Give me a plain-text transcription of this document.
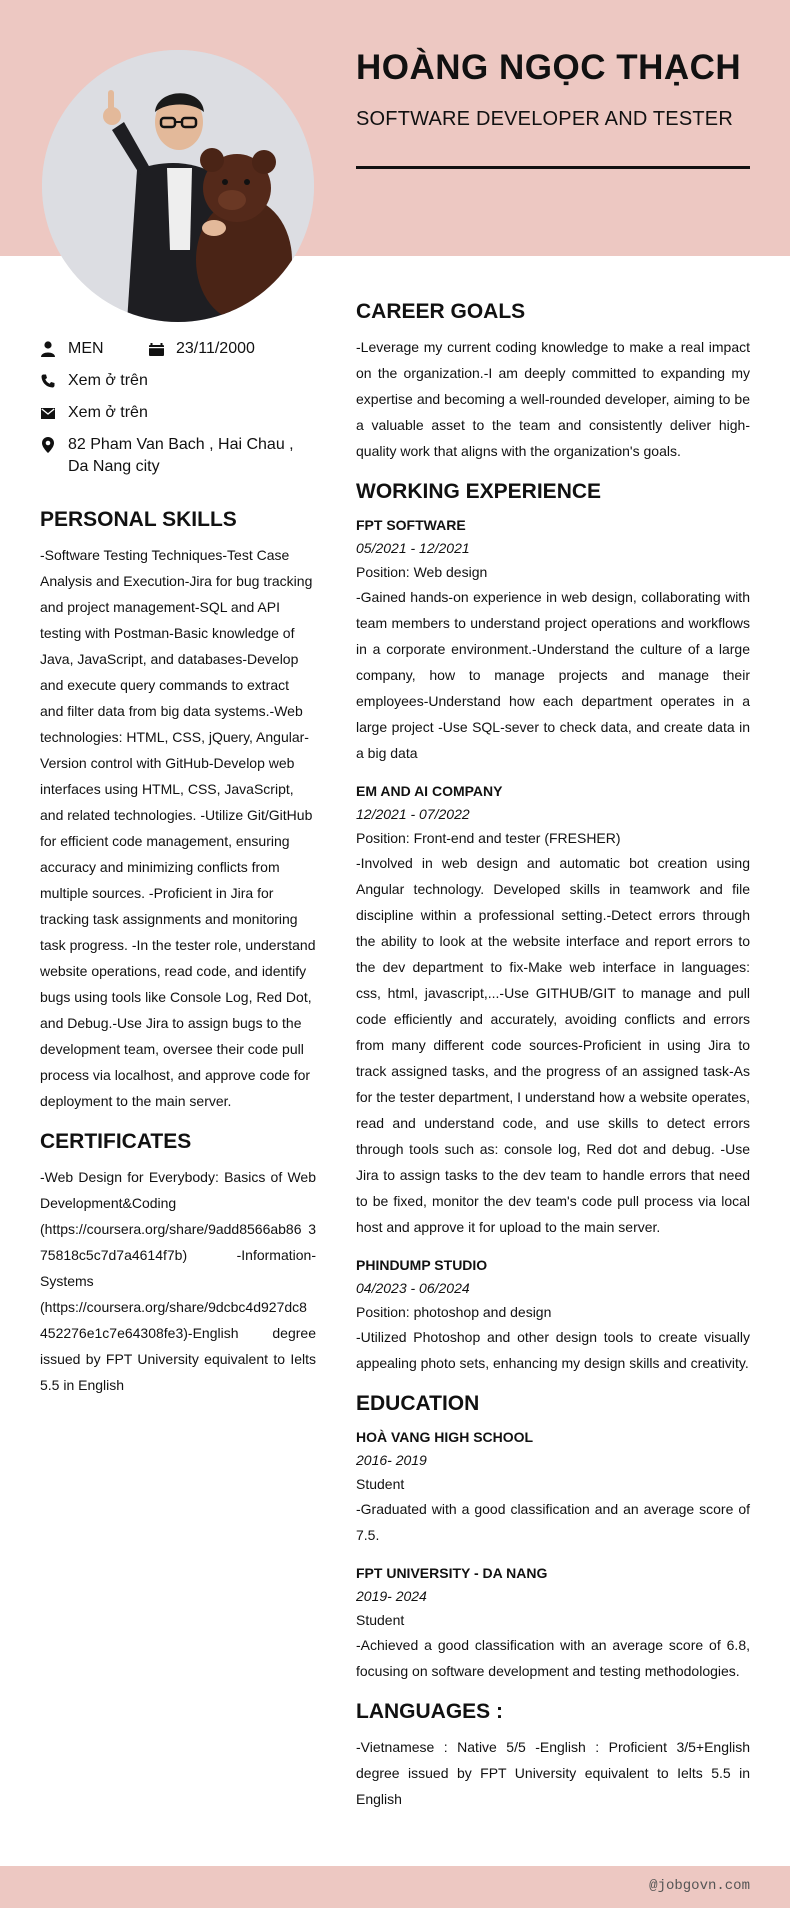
HOÀNG NGỌC THẠCH
SOFTWARE DEVELOPER AND TESTER
MEN	23/11/2000
Xem ở trên
Xem ở trên
82 Pham Van Bach , Hai Chau , Da Nang city
PERSONAL SKILLS

-Software Testing Techniques-Test Case Analysis and Execution-Jira for bug tracking and project management-SQL and API testing with Postman-Basic knowledge of Java, JavaScript, and databases-Develop and execute query commands to extract and filter data from big data systems.-Web technologies: HTML, CSS, jQuery, Angular-Version control with GitHub-Develop web interfaces using HTML, CSS, JavaScript, and related technologies. -Utilize Git/GitHub for efficient code management, ensuring accuracy and minimizing conflicts from multiple sources. -Proficient in Jira for tracking task assignments and monitoring task progress. -In the tester role, understand website operations, read code, and identify bugs using tools like Console Log, Red Dot, and Debug.-Use Jira to assign bugs to the development team, oversee their code pull process via localhost, and approve code for deployment to the main server.

CERTIFICATES

-Web Design for Everybody: Basics of Web Development&Coding (https://coursera.org/share/9add8566ab86 3 75818c5c7d7a4614f7b) -Information-Systems (https://coursera.org/share/9dcbc4d927dc8 452276e1c7e64308fe3)-English degree issued by FPT University equivalent to Ielts 5.5 in English

CAREER GOALS

-Leverage my current coding knowledge to make a real impact on the organization.-I am deeply committed to expanding my expertise and becoming a well-rounded developer, aiming to be a valuable asset to the team and consistently deliver high-quality work that aligns with the organization's goals.

WORKING EXPERIENCE

FPT SOFTWARE

05/2021 - 12/2021

Position: Web design

-Gained hands-on experience in web design, collaborating with team members to understand project operations and workflows in a corporate environment.-Understand the culture of a large company, how to manage projects and manage their employees-Understand how each department operates in a large project -Use SQL-sever to check data, and create data in a big data

EM AND AI COMPANY

12/2021 - 07/2022

Position: Front-end and tester (FRESHER)

-Involved in web design and automatic bot creation using Angular technology. Developed skills in teamwork and file discipline within a professional setting.-Detect errors through the ability to look at the website interface and report errors to the dev department to fix-Make web interface in languages: css, html, javascript,...-Use GITHUB/GIT to manage and pull code efficiently and accurately, avoiding conflicts and errors from many different code sources-Proficient in using Jira to track assigned tasks, and the progress of an assigned task-As for the tester department, I understand how a website operates, read and understand code, and use skills to detect errors through tools such as: console log, Red dot and debug. -Use Jira to assign tasks to the dev team to handle errors that need to be fixed, monitor the dev team's code pull process via local host and approve it for upload to the main server.

PHINDUMP STUDIO

04/2023 - 06/2024

Position: photoshop and design

-Utilized Photoshop and other design tools to create visually appealing photo sets, enhancing my design skills and creativity.

EDUCATION

HOÀ VANG HIGH SCHOOL

2016- 2019

Student

-Graduated with a good classification and an average score of 7.5.

FPT UNIVERSITY - DA NANG

2019- 2024

Student

-Achieved a good classification with an average score of 6.8, focusing on software development and testing methodologies.

LANGUAGES :

-Vietnamese : Native 5/5 -English : Proficient 3/5+English degree issued by FPT University equivalent to Ielts 5.5 in English

@jobgovn.com
